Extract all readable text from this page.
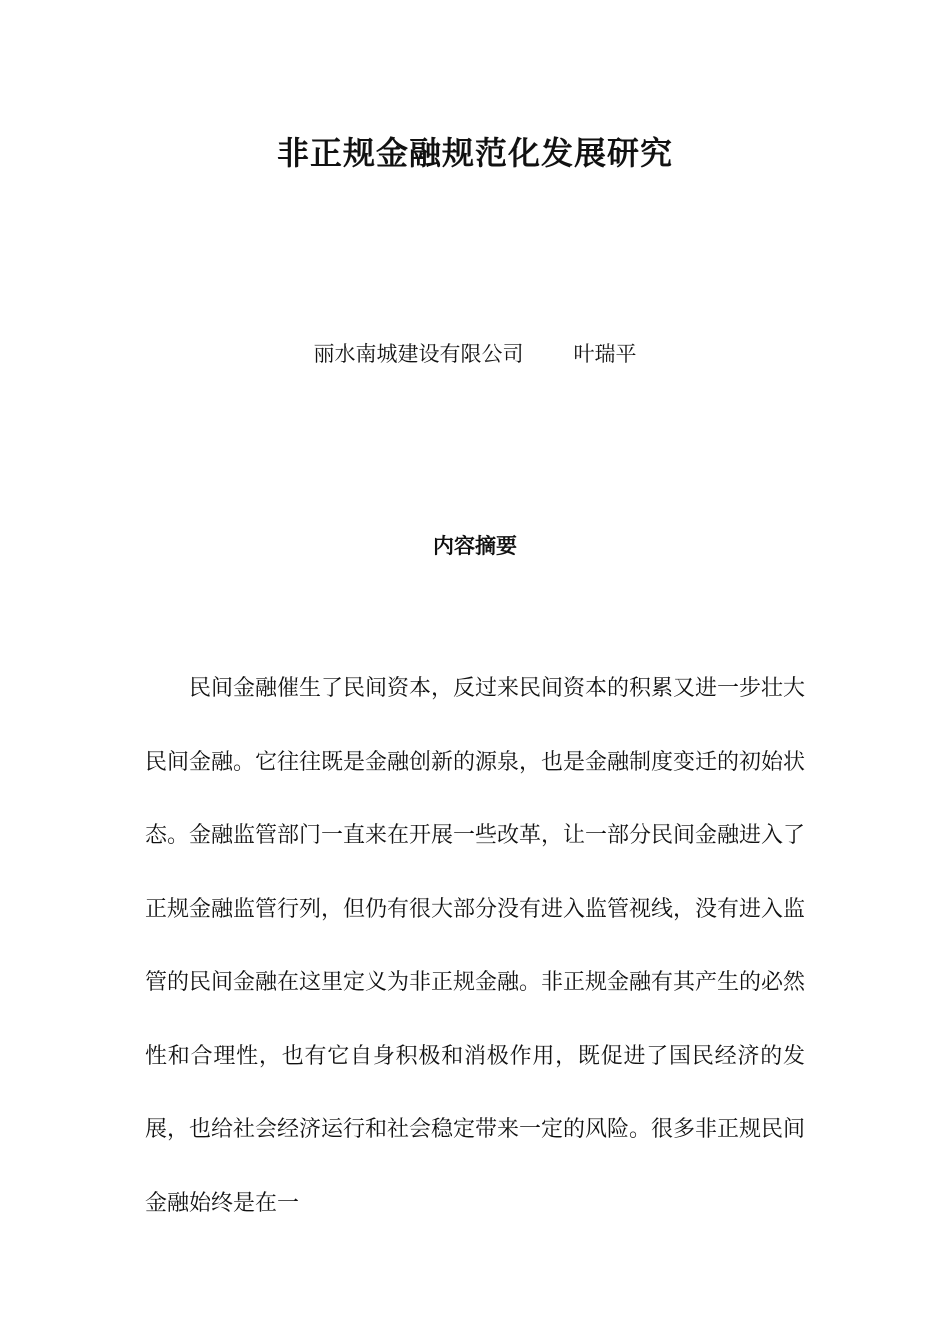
非正规金融规范化发展研究
丽水南城建设有限公司 叶瑞平
内容摘要

民间金融催生了民间资本，反过来民间资本的积累又进一步壮大民间金融。它往往既是金融创新的源泉，也是金融制度变迁的初始状态。金融监管部门一直来在开展一些改革，让一部分民间金融进入了正规金融监管行列，但仍有很大部分没有进入监管视线，没有进入监管的民间金融在这里定义为非正规金融。非正规金融有其产生的必然性和合理性，也有它自身积极和消极作用，既促进了国民经济的发展，也给社会经济运行和社会稳定带来一定的风险。很多非正规民间金融始终是在一
